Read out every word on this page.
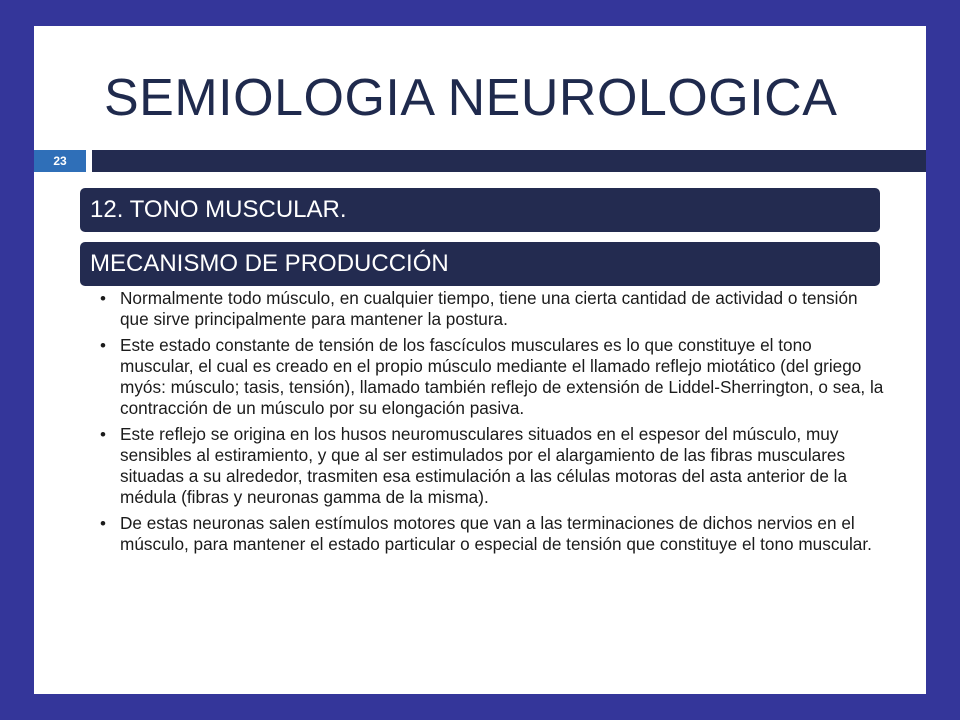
SEMIOLOGIA NEUROLOGICA
23
12. TONO MUSCULAR.
MECANISMO DE PRODUCCIÓN
• Normalmente todo músculo, en cualquier tiempo, tiene una cierta cantidad de actividad o tensión que sirve principalmente para mantener la postura.
• Este estado constante de tensión de los fascículos musculares es lo que constituye el tono muscular, el cual es creado en el propio músculo mediante el llamado reflejo miotático (del griego myós: músculo; tasis, tensión), llamado también reflejo de extensión de Liddel-Sherrington, o sea, la contracción de un músculo por su elongación pasiva.
• Este reflejo se origina en los husos neuromusculares situados en el espesor del músculo, muy sensibles al estiramiento, y que al ser estimulados por el alargamiento de las fibras musculares situadas a su alrededor, trasmiten esa estimulación a las células motoras del asta anterior de la médula (fibras y neuronas gamma de la misma).
• De estas neuronas salen estímulos motores que van a las terminaciones de dichos nervios en el músculo, para mantener el estado particular o especial de tensión que constituye el tono muscular.
